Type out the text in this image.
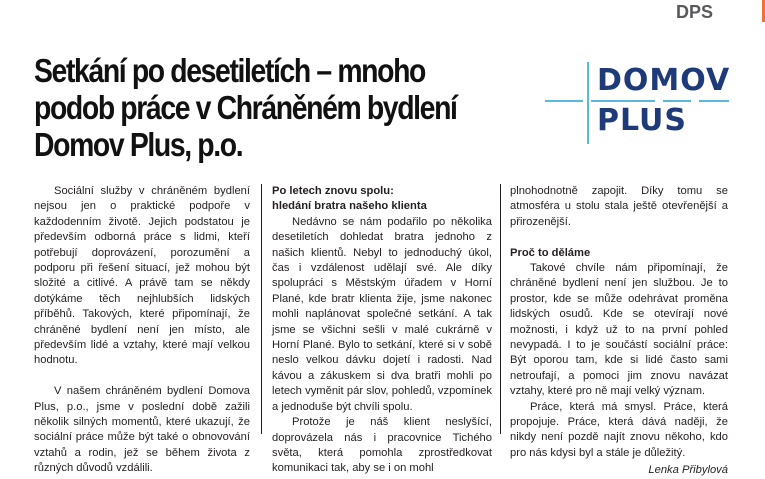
DPS
Setkání po desetiletích – mnoho
podob práce v Chráněném bydlení
Domov Plus, p.o.
DOMOV
PLUS

Sociální služby v chráněném bydlení nejsou jen o praktické podpoře v každodenním životě. Jejich podstatou je především odborná práce s lidmi, kteří potřebují doprovázení, porozumění a podporu při řešení situací, jež mohou být složité a citlivé. A právě tam se někdy dotýkáme těch nejhlubších lidských příběhů. Takových, které připomínají, že chráněné bydlení není jen místo, ale především lidé a vztahy, které mají velkou hodnotu.

V našem chráněném bydlení Domova Plus, p.o., jsme v poslední době zažili několik silných momentů, které ukazují, že sociální práce může být také o obnovování vztahů a rodin, jež se během života z různých důvodů vzdálili.

Po letech znovu spolu:
hledání bratra našeho klienta

Nedávno se nám podařilo po několika desetiletích dohledat bratra jednoho z našich klientů. Nebyl to jednoduchý úkol, čas i vzdálenost udělají své. Ale díky spolupráci s Městským úřadem v Horní Plané, kde bratr klienta žije, jsme nakonec mohli naplánovat společné setkání. A tak jsme se všichni sešli v malé cukrárně v Horní Plané. Bylo to setkání, které si v sobě neslo velkou dávku dojetí i radosti. Nad kávou a zákuskem si dva bratři mohli po letech vyměnit pár slov, pohledů, vzpomínek a jednoduše být chvíli spolu.

Protože je náš klient neslyšící, doprovázela nás i pracovnice Tichého světa, která pomohla zprostředkovat komunikaci tak, aby se i on mohl

plnohodnotně zapojit. Díky tomu se atmosféra u stolu stala ještě otevřenější a přirozenější.

Proč to děláme

Takové chvíle nám připomínají, že chráněné bydlení není jen službou. Je to prostor, kde se může odehrávat proměna lidských osudů. Kde se otevírají nové možnosti, i když už to na první pohled nevypadá. I to je součástí sociální práce: Být oporou tam, kde si lidé často sami netroufají, a pomoci jim znovu navázat vztahy, které pro ně mají velký význam.

Práce, která má smysl. Práce, která propojuje. Práce, která dává naději, že nikdy není pozdě najít znovu někoho, kdo pro nás kdysi byl a stále je důležitý.

Lenka Přibylová
